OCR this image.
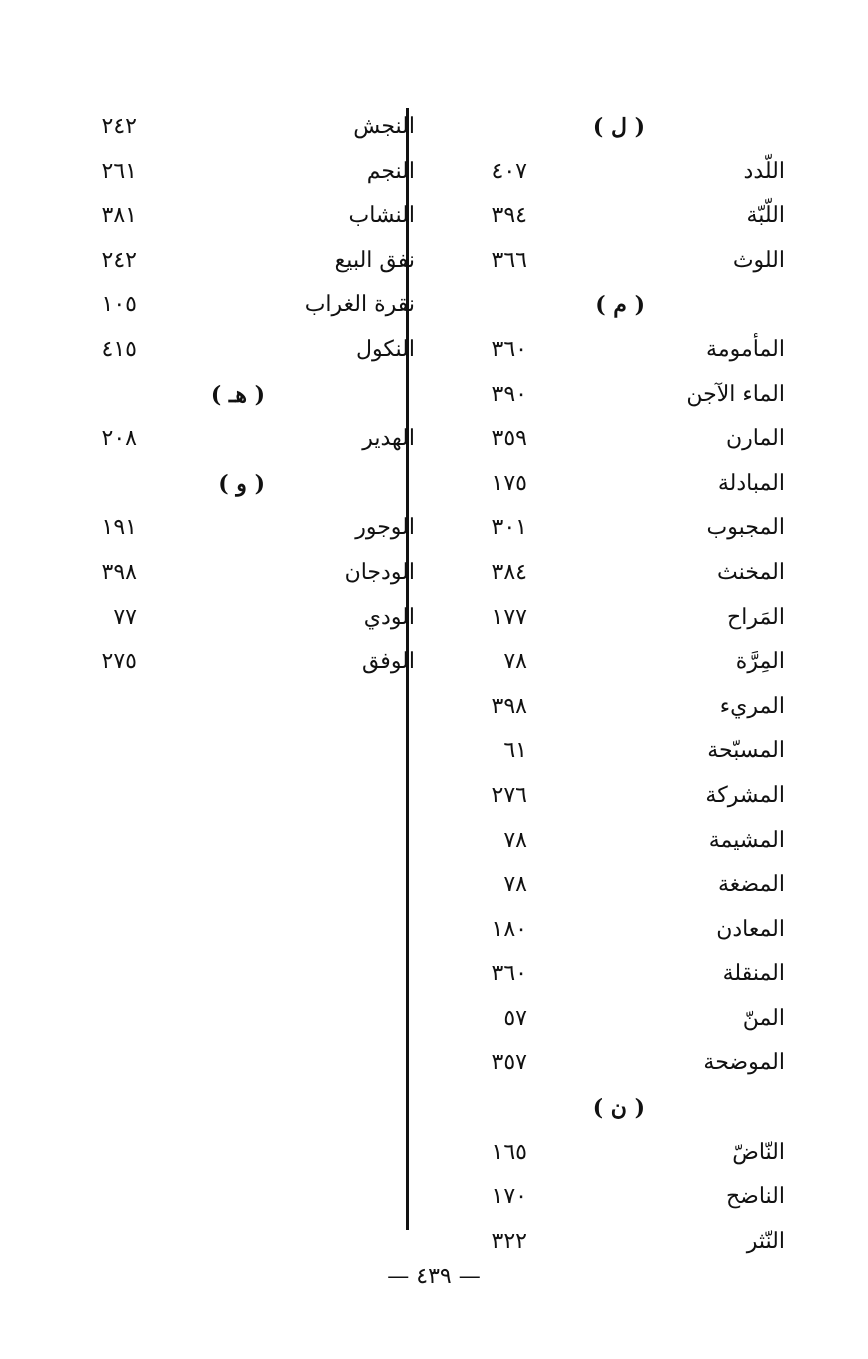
( ل )
اللّدد
٤٠٧
اللّبّة
٣٩٤
اللوث
٣٦٦
( م )
المأمومة
٣٦٠
الماء الآجن
٣٩٠
المارن
٣٥٩
المبادلة
١٧٥
المجبوب
٣٠١
المخنث
٣٨٤
المَراح
١٧٧
المِرَّة
٧٨
المريء
٣٩٨
المسبّحة
٦١
المشركة
٢٧٦
المشيمة
٧٨
المضغة
٧٨
المعادن
١٨٠
المنقلة
٣٦٠
المنّ
٥٧
الموضحة
٣٥٧
( ن )
النّاضّ
١٦٥
الناضح
١٧٠
النّثر
٣٢٢
النجش
٢٤٢
النجم
٢٦١
النشاب
٣٨١
نفق البيع
٢٤٢
نقرة الغراب
١٠٥
النكول
٤١٥
( هـ )
الهدير
٢٠٨
( و )
الوجور
١٩١
الودجان
٣٩٨
الودي
٧٧
الوفق
٢٧٥
— ٤٣٩ —
